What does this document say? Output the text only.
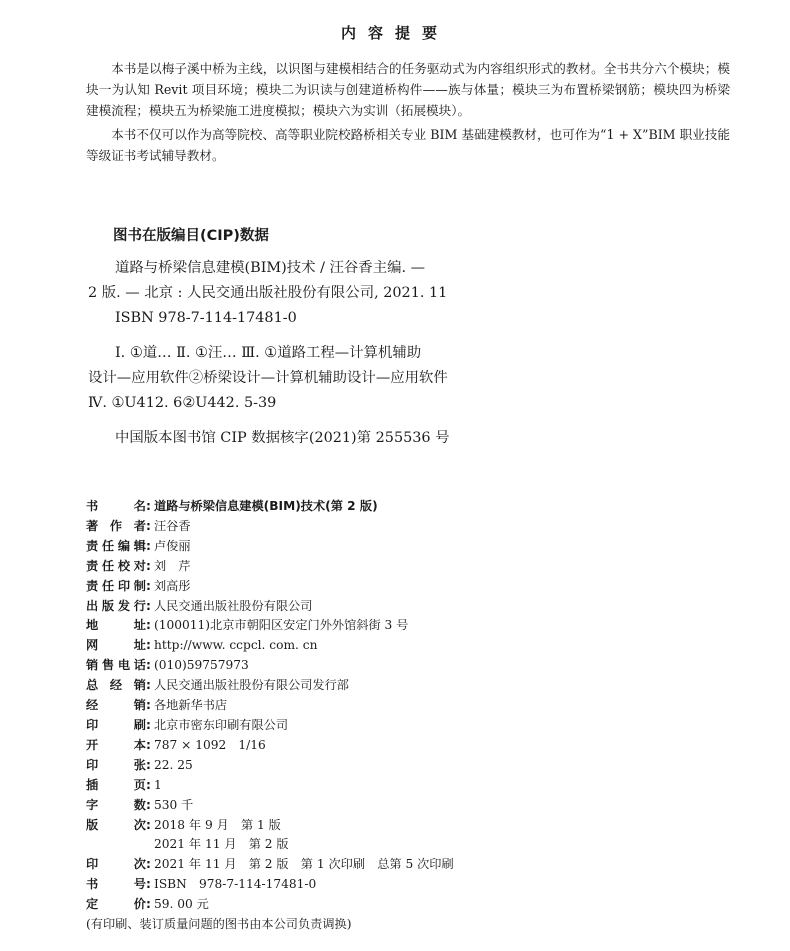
内容提要

本书是以梅子溪中桥为主线，以识图与建模相结合的任务驱动式为内容组织形式的教材。全书共分六个模块；模块一为认知 Revit 项目环境；模块二为识读与创建道桥构件——族与体量；模块三为布置桥梁钢筋；模块四为桥梁建模流程；模块五为桥梁施工进度模拟；模块六为实训（拓展模块）。

本书不仅可以作为高等院校、高等职业院校路桥相关专业 BIM 基础建模教材，也可作为“1 + X”BIM 职业技能等级证书考试辅导教材。

图书在版编目(CIP)数据
道路与桥梁信息建模(BIM)技术 / 汪谷香主编. —
2 版. — 北京 : 人民交通出版社股份有限公司, 2021. 11
ISBN 978-7-114-17481-0
Ⅰ. ①道… Ⅱ. ①汪… Ⅲ. ①道路工程—计算机辅助
设计—应用软件②桥梁设计—计算机辅助设计—应用软件
Ⅳ. ①U412. 6②U442. 5-39
中国版本图书馆 CIP 数据核字(2021)第 255536 号
书名 : 道路与桥梁信息建模(BIM)技术(第 2 版)
著作者 : 汪谷香
责任编辑 : 卢俊丽
责任校对 : 刘　芹
责任印制 : 刘高彤
出版发行 : 人民交通出版社股份有限公司
地址 : (100011)北京市朝阳区安定门外外馆斜街 3 号
网址 : http://www. ccpcl. com. cn
销售电话 : (010)59757973
总经销 : 人民交通出版社股份有限公司发行部
经销 : 各地新华书店
印刷 : 北京市密东印刷有限公司
开本 : 787 × 1092　1/16
印张 : 22. 25
插页 : 1
字数 : 530 千
版次 : 2018 年 9 月　第 1 版
2021 年 11 月　第 2 版
印次 : 2021 年 11 月　第 2 版　第 1 次印刷　总第 5 次印刷
书号 : ISBN　978-7-114-17481-0
定价 : 59. 00 元
(有印刷、装订质量问题的图书由本公司负责调换)
